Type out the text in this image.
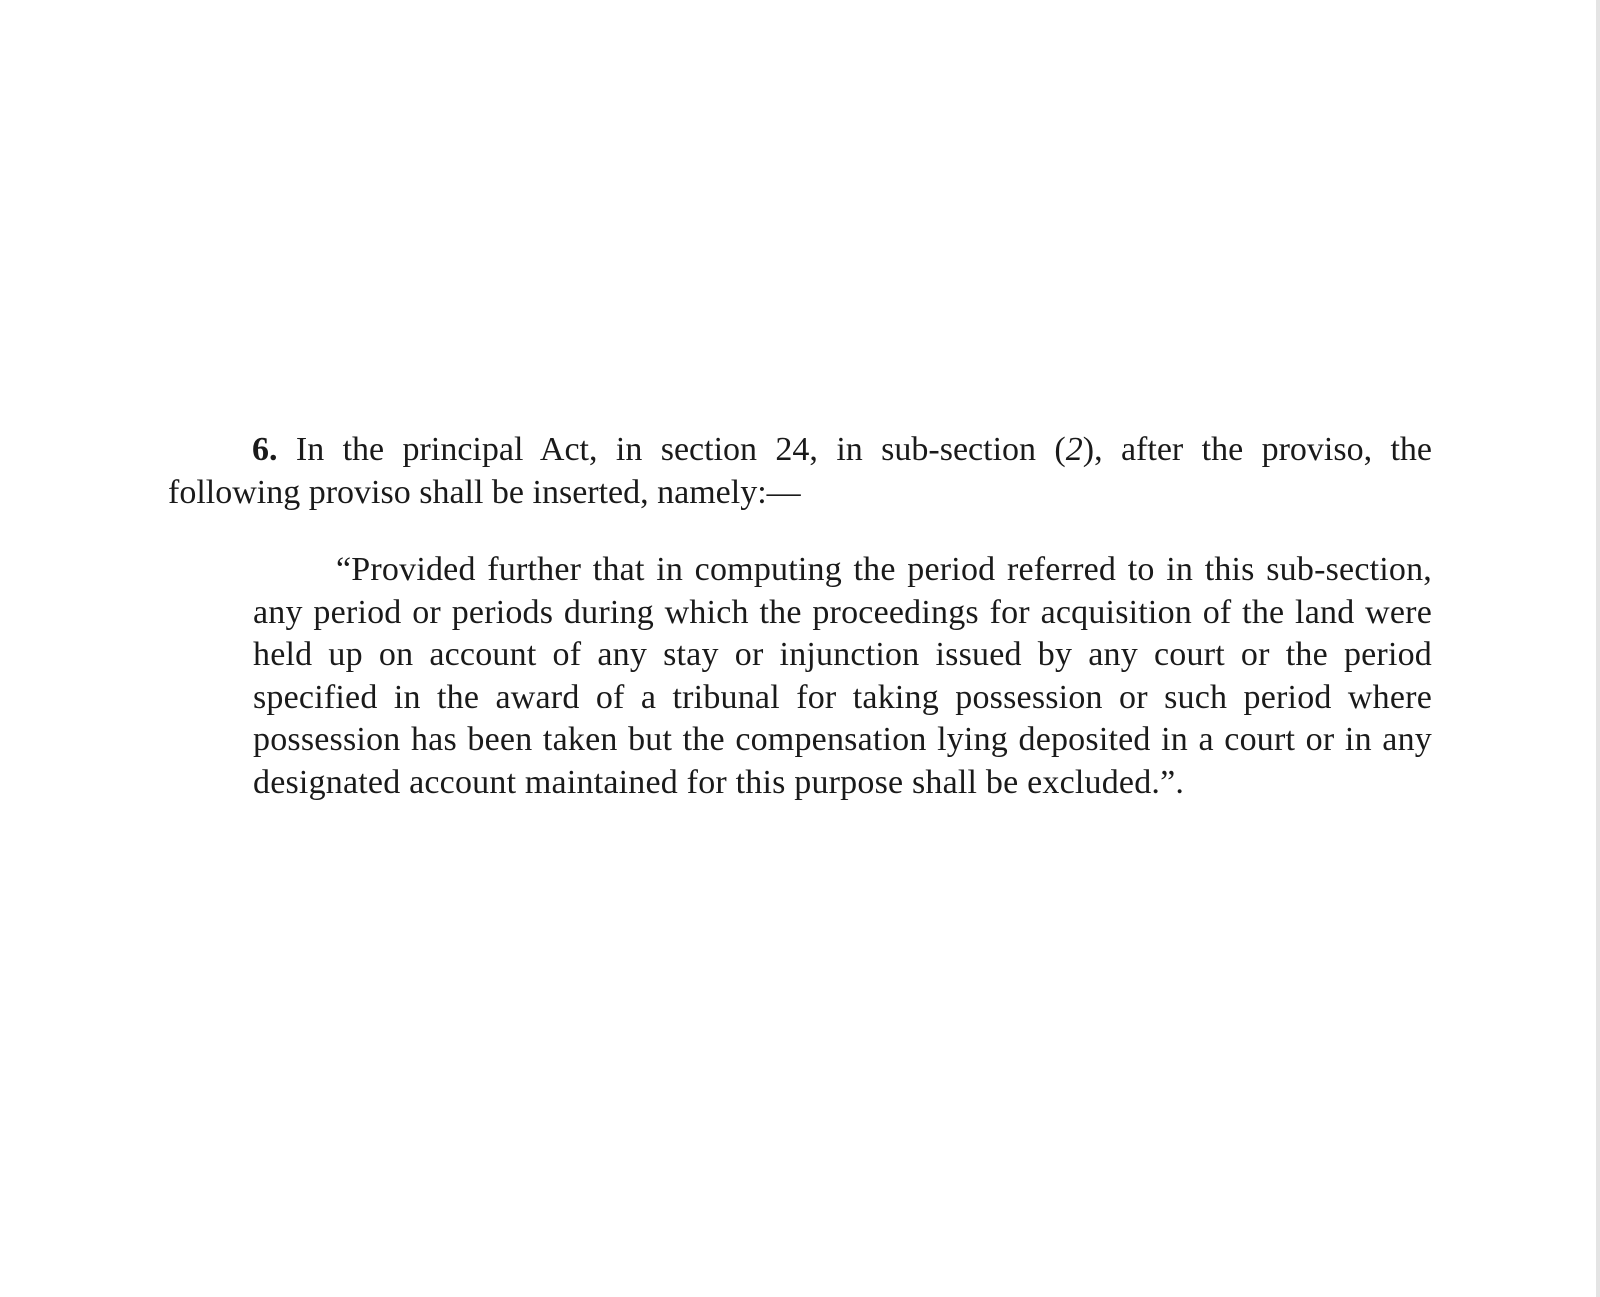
6. In the principal Act, in section 24, in sub-section (2), after the proviso, the following proviso shall be inserted, namely:—

“Provided further that in computing the period referred to in this sub-section, any period or periods during which the proceedings for acquisition of the land were held up on account of any stay or injunction issued by any court or the period specified in the award of a tribunal for taking possession or such period where possession has been taken but the compensation lying deposited in a court or in any designated account maintained for this purpose shall be excluded.”.
